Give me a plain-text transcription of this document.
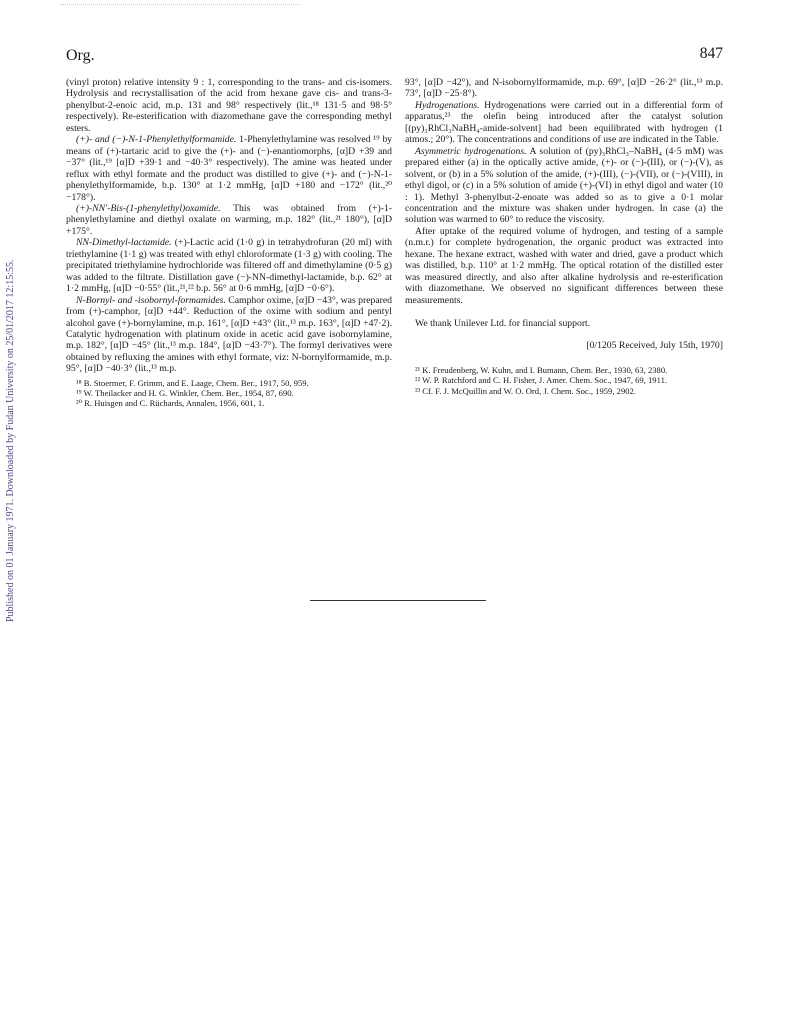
Org.	847
Published on 01 January 1971. Downloaded by Fudan University on 25/01/2017 12:15:55.

(vinyl proton) relative intensity 9 : 1, corresponding to the trans- and cis-isomers. Hydrolysis and recrystallisation of the acid from hexane gave cis- and trans-3-phenylbut-2-enoic acid, m.p. 131 and 98° respectively (lit.,¹⁸ 131·5 and 98·5° respectively). Re-esterification with diazomethane gave the corresponding methyl esters.

(+)- and (−)-N-1-Phenylethylformamide. 1-Phenylethylamine was resolved ¹⁹ by means of (+)-tartaric acid to give the (+)- and (−)-enantiomorphs, [α]D +39 and −37° (lit.,¹⁹ [α]D +39·1 and −40·3° respectively). The amine was heated under reflux with ethyl formate and the product was distilled to give (+)- and (−)-N-1-phenylethylformamide, b.p. 130° at 1·2 mmHg, [α]D +180 and −172° (lit.,²⁰ −178°).

(+)-NN′-Bis-(1-phenylethyl)oxamide. This was obtained from (+)-1-phenylethylamine and diethyl oxalate on warming, m.p. 182° (lit.,²¹ 180°), [α]D +175°.

NN-Dimethyl-lactamide. (+)-Lactic acid (1·0 g) in tetrahydrofuran (20 ml) with triethylamine (1·1 g) was treated with ethyl chloroformate (1·3 g) with cooling. The precipitated triethylamine hydrochloride was filtered off and dimethylamine (0·5 g) was added to the filtrate. Distillation gave (−)-NN-dimethyl-lactamide, b.p. 62° at 1·2 mmHg, [α]D −0·55° (lit.,²¹,²² b.p. 56° at 0·6 mmHg, [α]D −0·6°).

N-Bornyl- and -isobornyl-formamides. Camphor oxime, [α]D −43°, was prepared from (+)-camphor, [α]D +44°. Reduction of the oxime with sodium and pentyl alcohol gave (+)-bornylamine, m.p. 161°, [α]D +43° (lit.,¹³ m.p. 163°, [α]D +47·2). Catalytic hydrogenation with platinum oxide in acetic acid gave isobornylamine, m.p. 182°, [α]D −45° (lit.,¹³ m.p. 184°, [α]D −43·7°). The formyl derivatives were obtained by refluxing the amines with ethyl formate, viz: N-bornylformamide, m.p. 95°, [α]D −40·3° (lit.,¹³ m.p.

¹⁸ B. Stoermer, F. Grimm, and E. Laage, Chem. Ber., 1917, 50, 959.

¹⁹ W. Theilacker and H. G. Winkler, Chem. Ber., 1954, 87, 690.

²⁰ R. Huisgen and C. Rüchards, Annalen, 1956, 601, 1.

93°, [α]D −42°), and N-isobornylformamide, m.p. 69°, [α]D −26·2° (lit.,¹³ m.p. 73°, [α]D −25·8°).

Hydrogenations. Hydrogenations were carried out in a differential form of apparatus,²³ the olefin being introduced after the catalyst solution [(py)₃RhCl₃NaBH₄-amide-solvent] had been equilibrated with hydrogen (1 atmos.; 20°). The concentrations and conditions of use are indicated in the Table.

Asymmetric hydrogenations. A solution of (py)₃RhCl₃–NaBH₄ (4·5 mM) was prepared either (a) in the optically active amide, (+)- or (−)-(III), or (−)-(V), as solvent, or (b) in a 5% solution of the amide, (+)-(III), (−)-(VII), or (−)-(VIII), in ethyl digol, or (c) in a 5% solution of amide (+)-(VI) in ethyl digol and water (10 : 1). Methyl 3-phenylbut-2-enoate was added so as to give a 0·1 molar concentration and the mixture was shaken under hydrogen. In case (a) the solution was warmed to 60° to reduce the viscosity.

After uptake of the required volume of hydrogen, and testing of a sample (n.m.r.) for complete hydrogenation, the organic product was extracted into hexane. The hexane extract, washed with water and dried, gave a product which was distilled, b.p. 110° at 1·2 mmHg. The optical rotation of the distilled ester was measured directly, and also after alkaline hydrolysis and re-esterification with diazomethane. We observed no significant differences between these measurements.

We thank Unilever Ltd. for financial support.

[0/1205 Received, July 15th, 1970]

²¹ K. Freudenberg, W. Kuhn, and I. Bumann, Chem. Ber., 1930, 63, 2380.

²² W. P. Ratchford and C. H. Fisher, J. Amer. Chem. Soc., 1947, 69, 1911.

²³ Cf. F. J. McQuillin and W. O. Ord, J. Chem. Soc., 1959, 2902.
